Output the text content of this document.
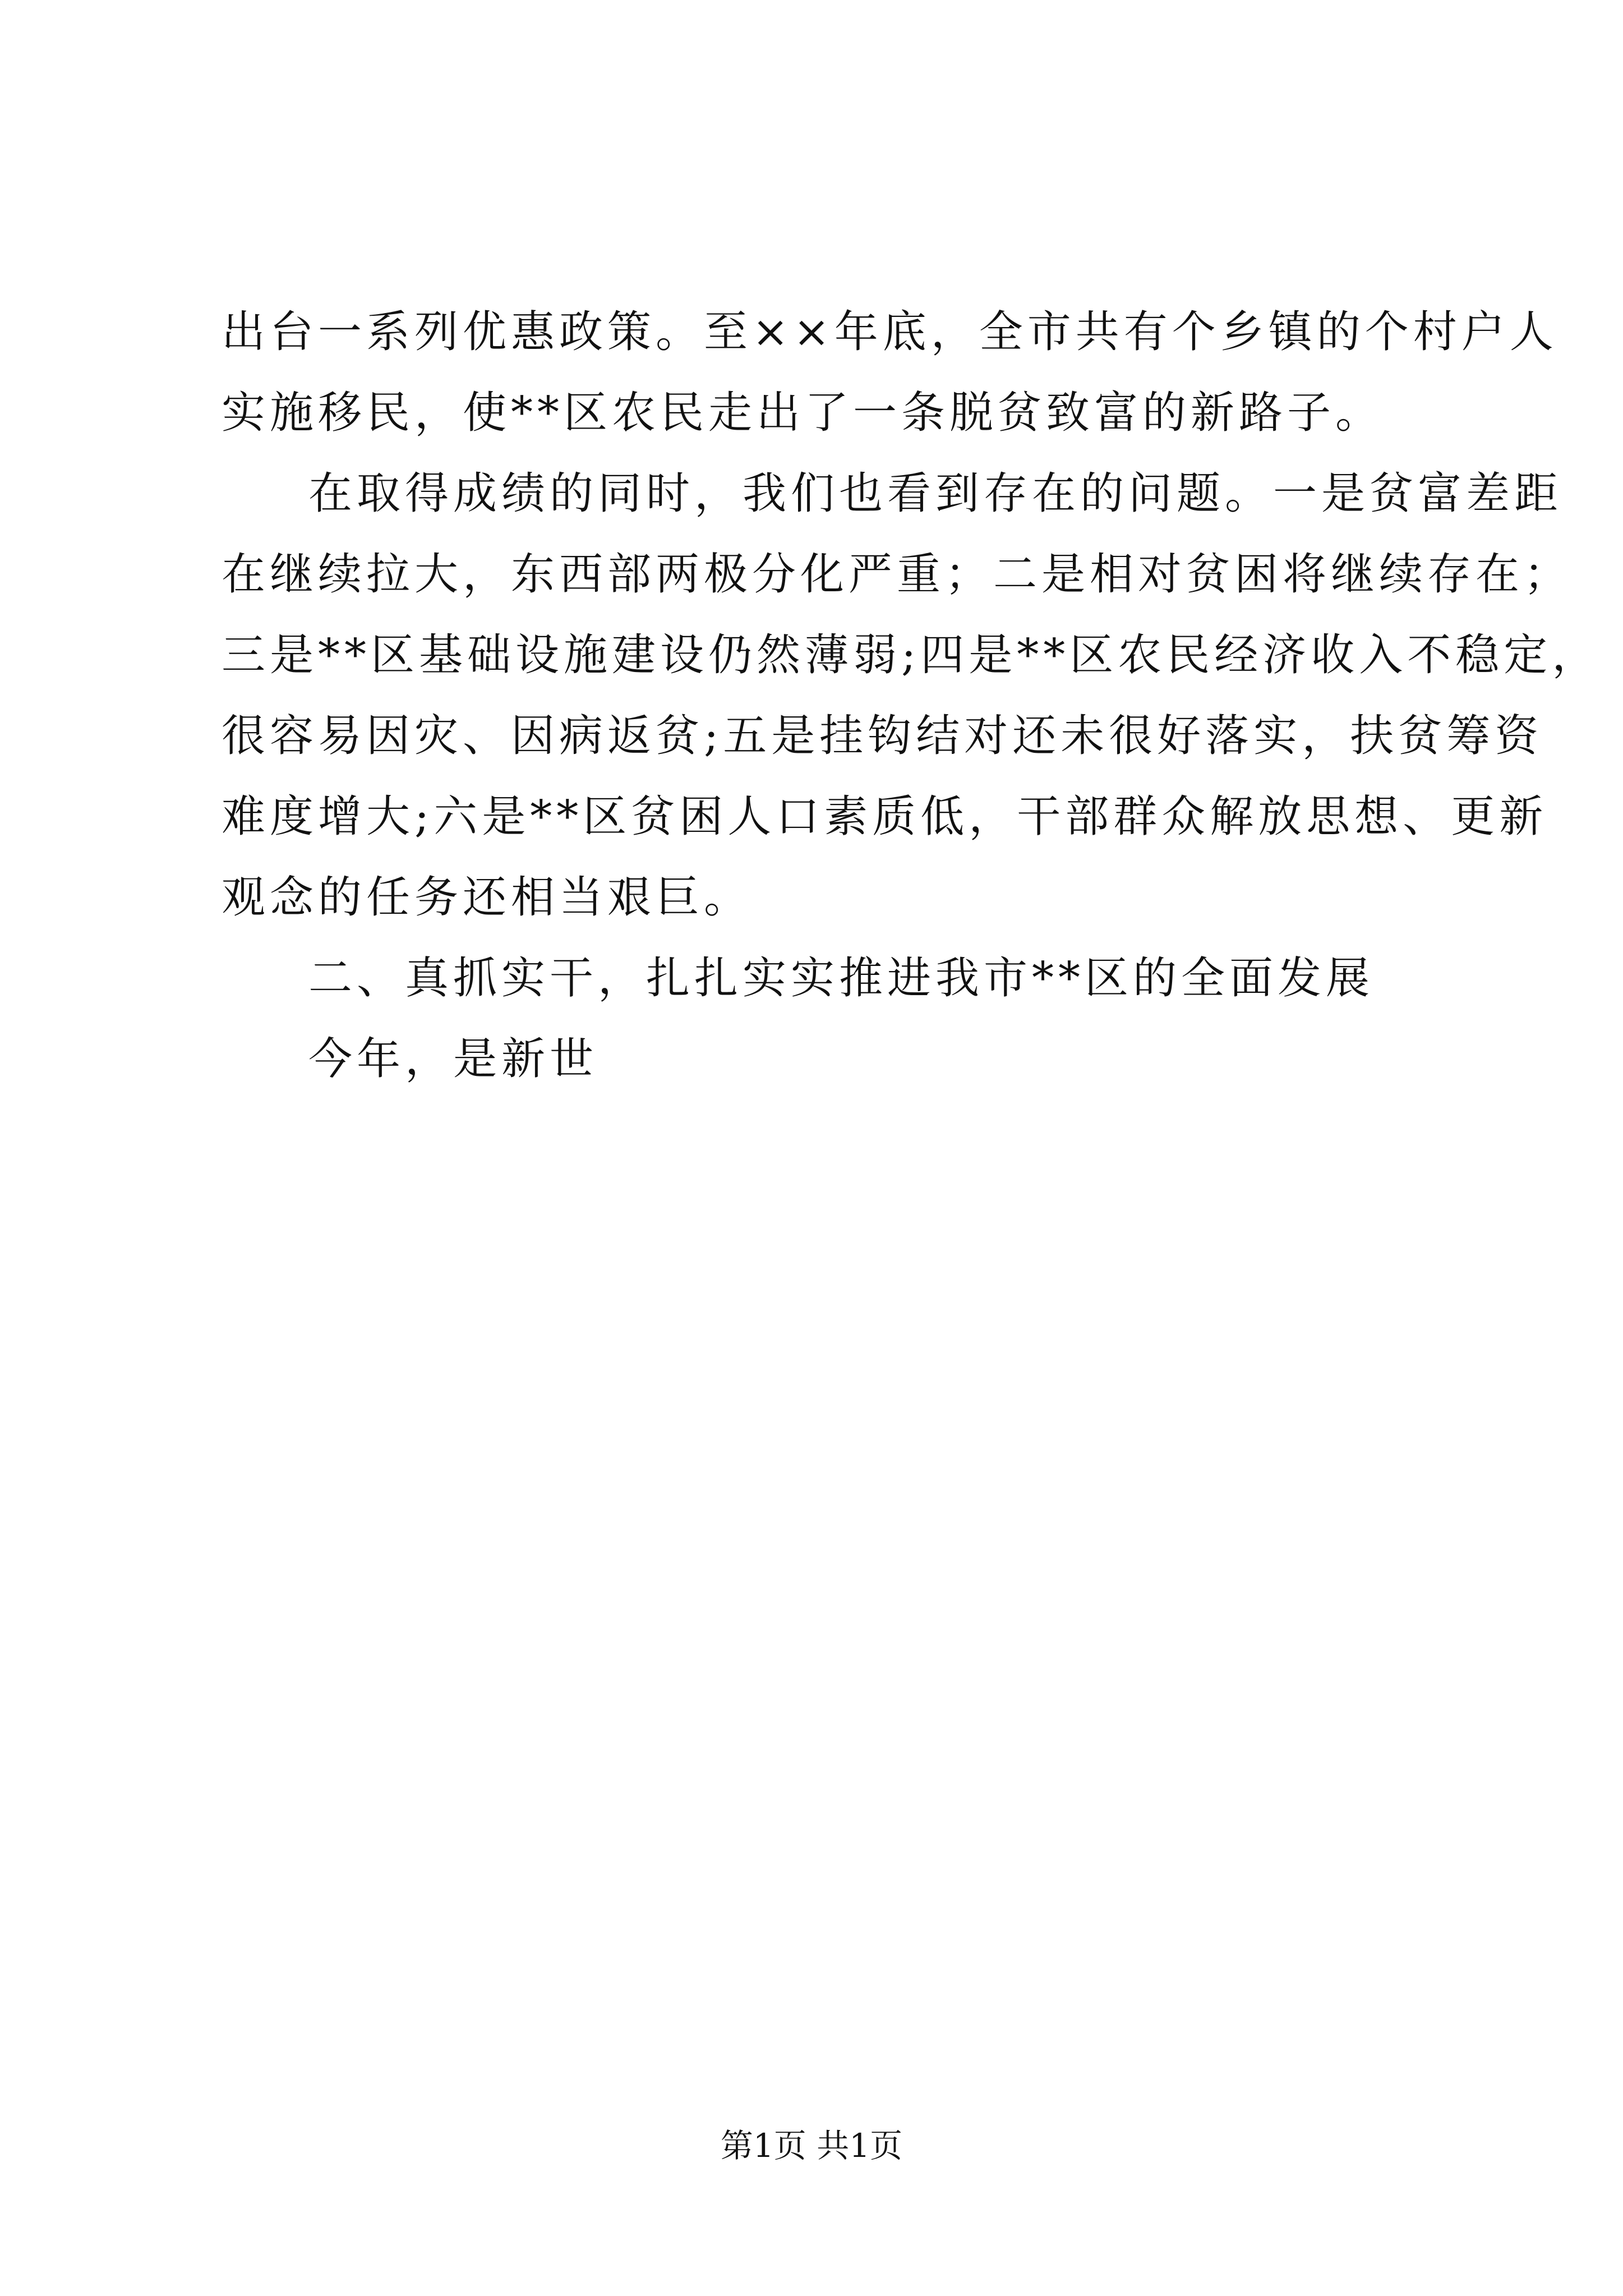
出台一系列优惠政策。至××年底，全市共有个乡镇的个村户人
实施移民，使**区农民走出了一条脱贫致富的新路子。
在取得成绩的同时，我们也看到存在的问题。一是贫富差距
在继续拉大，东西部两极分化严重；二是相对贫困将继续存在；
三是**区基础设施建设仍然薄弱;四是**区农民经济收入不稳定，
很容易因灾、因病返贫;五是挂钩结对还未很好落实，扶贫筹资
难度增大;六是**区贫困人口素质低，干部群众解放思想、更新
观念的任务还相当艰巨。
二、真抓实干，扎扎实实推进我市**区的全面发展
今年，是新世
第1页 共1页
